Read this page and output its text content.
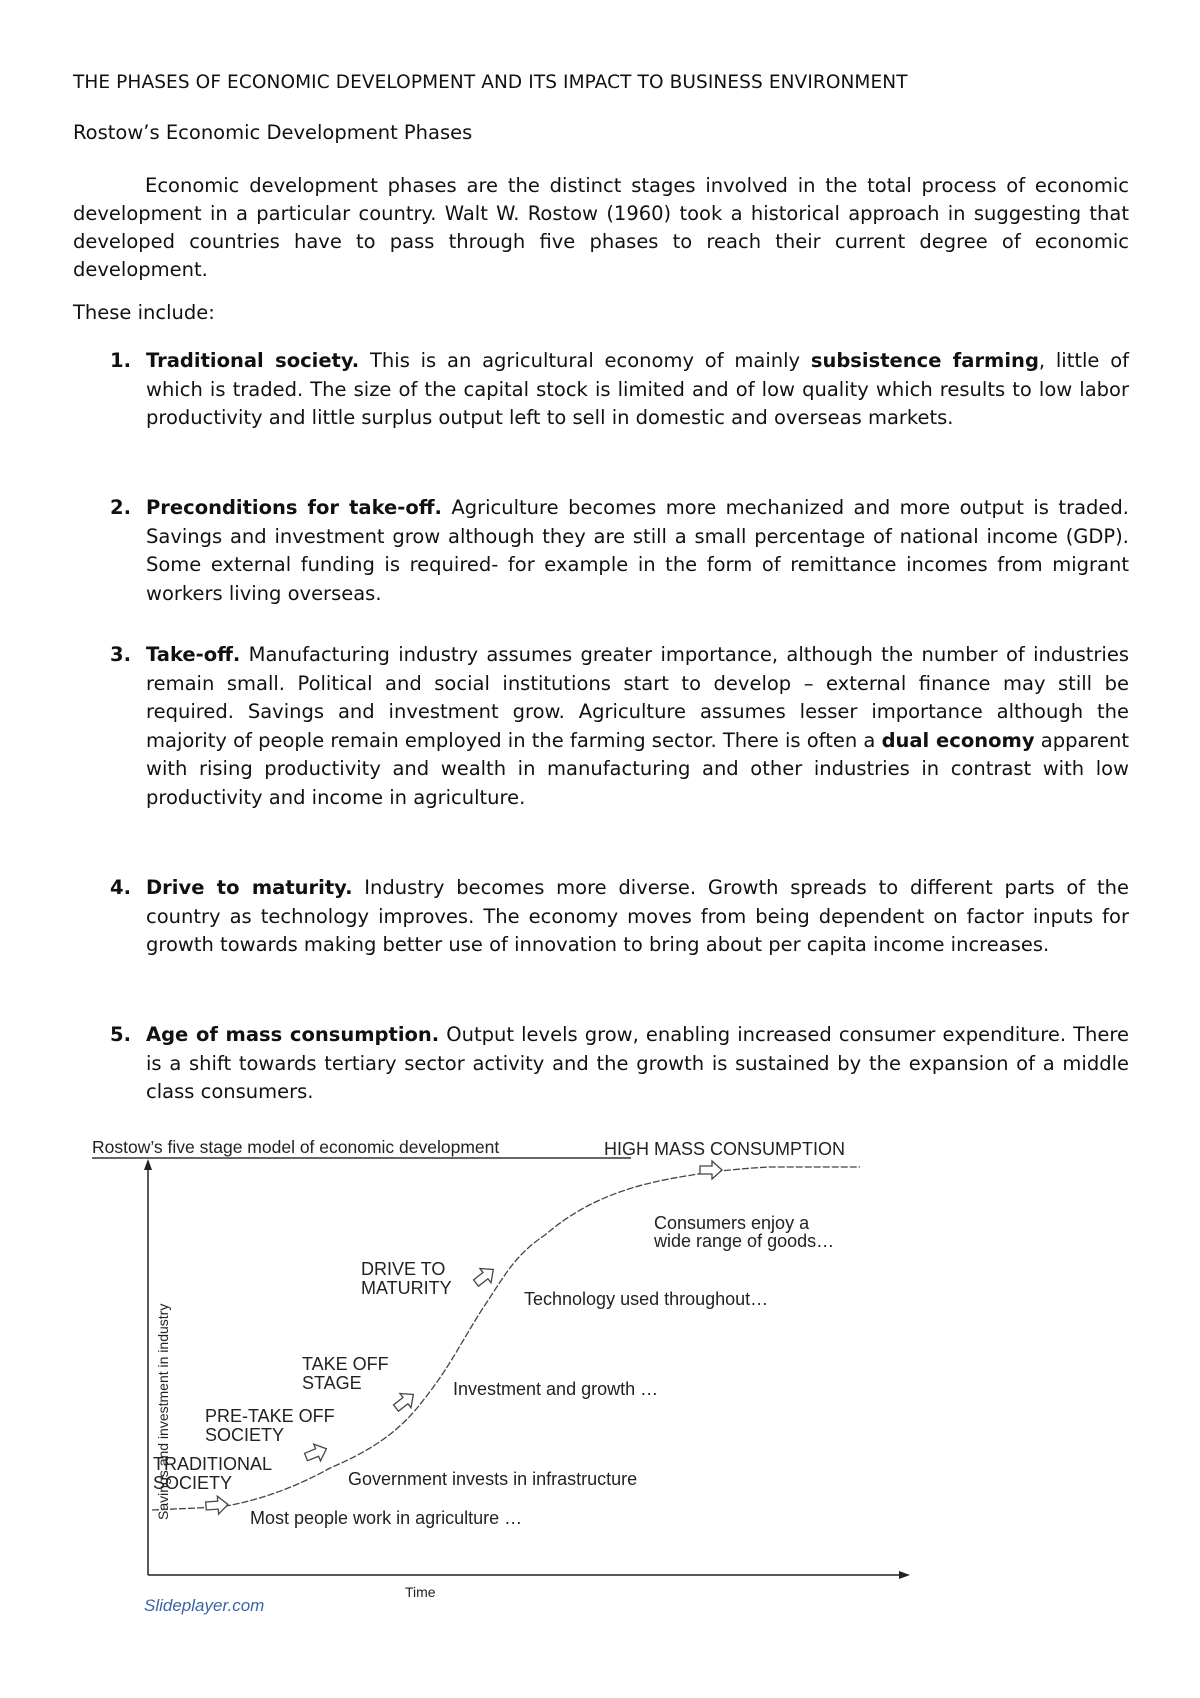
THE PHASES OF ECONOMIC DEVELOPMENT AND ITS IMPACT TO BUSINESS ENVIRONMENT
Rostow’s Economic Development Phases

Economic development phases are the distinct stages involved in the total process of economic development in a particular country. Walt W. Rostow (1960) took a historical approach in suggesting that developed countries have to pass through five phases to reach their current degree of economic development.

These include:
1. Traditional society. This is an agricultural economy of mainly subsistence farming, little of which is traded. The size of the capital stock is limited and of low quality which results to low labor productivity and little surplus output left to sell in domestic and overseas markets.
2. Preconditions for take-off. Agriculture becomes more mechanized and more output is traded. Savings and investment grow although they are still a small percentage of national income (GDP). Some external funding is required- for example in the form of remittance incomes from migrant workers living overseas.
3. Take-off. Manufacturing industry assumes greater importance, although the number of industries remain small. Political and social institutions start to develop – external finance may still be required. Savings and investment grow. Agriculture assumes lesser importance although the majority of people remain employed in the farming sector. There is often a dual economy apparent with rising productivity and wealth in manufacturing and other industries in contrast with low productivity and income in agriculture.
4. Drive to maturity. Industry becomes more diverse. Growth spreads to different parts of the country as technology improves. The economy moves from being dependent on factor inputs for growth towards making better use of innovation to bring about per capita income increases.
5. Age of mass consumption. Output levels grow, enabling increased consumer expenditure. There is a shift towards tertiary sector activity and the growth is sustained by the expansion of a middle class consumers.
Rostow’s five stage model of economic development
Savings and investment in industry
Time
TRADITIONAL
SOCIETY
Most people work in agriculture …
PRE-TAKE OFF
SOCIETY
Government invests in infrastructure
TAKE OFF
STAGE	Investment and growth …
DRIVE TO
MATURITY
Technology used throughout…
HIGH MASS CONSUMPTION
Consumers enjoy a
wide range of goods…
Slideplayer.com
